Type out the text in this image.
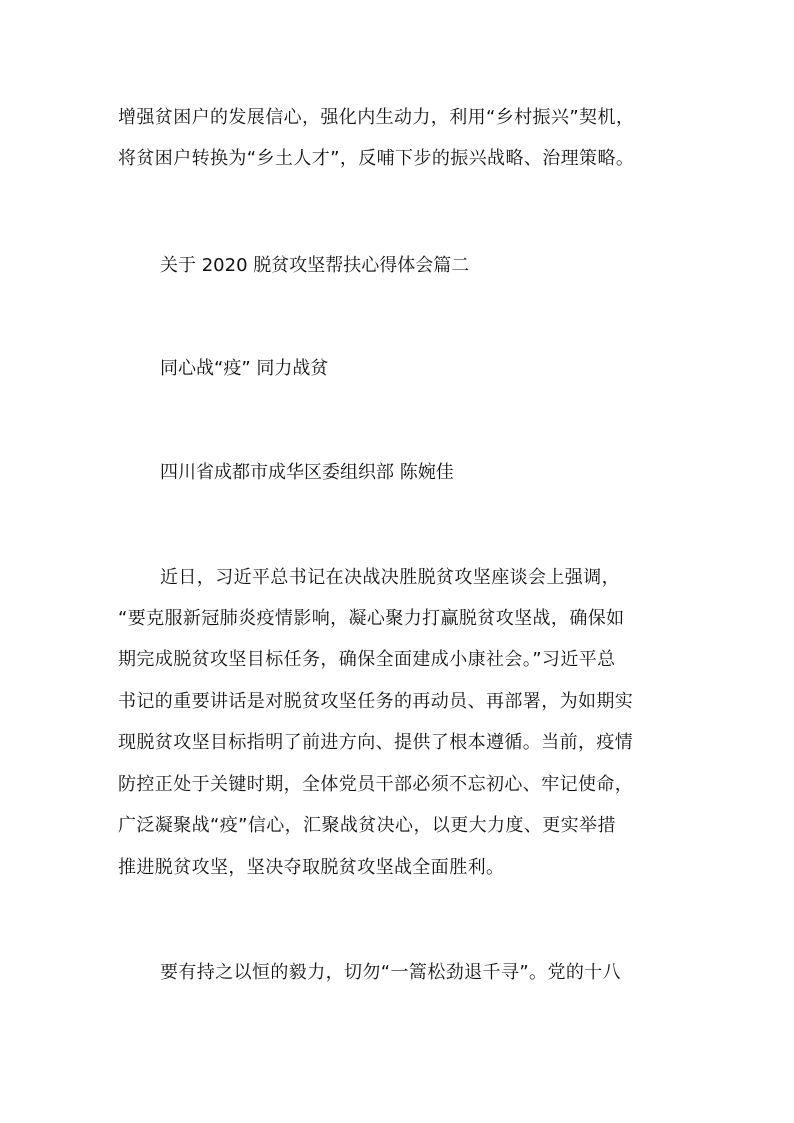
增强贫困户的发展信心，强化内生动力，利用“乡村振兴”契机，

将贫困户转换为“乡土人才”，反哺下步的振兴战略、治理策略。

关于 2020 脱贫攻坚帮扶心得体会篇二

同心战“疫” 同力战贫

四川省成都市成华区委组织部 陈婉佳

近日，习近平总书记在决战决胜脱贫攻坚座谈会上强调，

“要克服新冠肺炎疫情影响，凝心聚力打赢脱贫攻坚战，确保如

期完成脱贫攻坚目标任务，确保全面建成小康社会。”习近平总

书记的重要讲话是对脱贫攻坚任务的再动员、再部署，为如期实

现脱贫攻坚目标指明了前进方向、提供了根本遵循。当前，疫情

防控正处于关键时期，全体党员干部必须不忘初心、牢记使命，

广泛凝聚战“疫”信心，汇聚战贫决心，以更大力度、更实举措

推进脱贫攻坚，坚决夺取脱贫攻坚战全面胜利。

要有持之以恒的毅力，切勿“一篙松劲退千寻”。党的十八
